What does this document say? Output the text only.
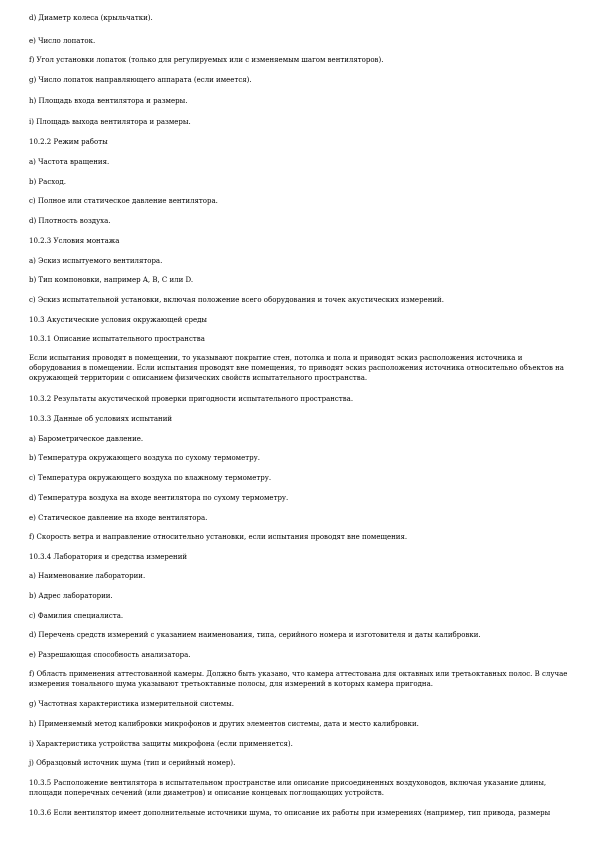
d) Диаметр колеса (крыльчатки).
e) Число лопаток.
f) Угол установки лопаток (только для регулируемых или с изменяемым шагом вентиляторов).
g) Число лопаток направляющего аппарата (если имеется).
h) Площадь входа вентилятора и размеры.
i) Площадь выхода вентилятора и размеры.
10.2.2 Режим работы
a) Частота вращения.
b) Расход.
c) Полное или статическое давление вентилятора.
d) Плотность воздуха.
10.2.3 Условия монтажа
a) Эскиз испытуемого вентилятора.
b) Тип компоновки, например A, B, C или D.
c) Эскиз испытательной установки, включая положение всего оборудования и точек акустических измерений.
10.3 Акустические условия окружающей среды
10.3.1 Описание испытательного пространства
Если испытания проводят в помещении, то указывают покрытие стен, потолка и пола и приводят эскиз расположения источника и оборудования в помещении. Если испытания проводят вне помещения, то приводят эскиз расположения источника относительно объектов на окружающей территории с описанием физических свойств испытательного пространства.
10.3.2 Результаты акустической проверки пригодности испытательного пространства.
10.3.3 Данные об условиях испытаний
a) Барометрическое давление.
b) Температура окружающего воздуха по сухому термометру.
c) Температура окружающего воздуха по влажному термометру.
d) Температура воздуха на входе вентилятора по сухому термометру.
e) Статическое давление на входе вентилятора.
f) Скорость ветра и направление относительно установки, если испытания проводят вне помещения.
10.3.4 Лаборатория и средства измерений
a) Наименование лаборатории.
b) Адрес лаборатории.
c) Фамилия специалиста.
d) Перечень средств измерений с указанием наименования, типа, серийного номера и изготовителя и даты калибровки.
e) Разрешающая способность анализатора.
f) Область применения аттестованной камеры. Должно быть указано, что камера аттестована для октавных или третьоктавных полос. В случае измерения тонального шума указывают третьоктавные полосы, для измерений в которых камера пригодна.
g) Частотная характеристика измерительной системы.
h) Применяемый метод калибровки микрофонов и других элементов системы, дата и место калибровки.
i) Характеристика устройства защиты микрофона (если применяется).
j) Образцовый источник шума (тип и серийный номер).
10.3.5 Расположение вентилятора в испытательном пространстве или описание присоединенных воздуховодов, включая указание длины, площади поперечных сечений (или диаметров) и описание концевых поглощающих устройств.
10.3.6 Если вентилятор имеет дополнительные источники шума, то описание их работы при измерениях (например, тип привода, размеры
